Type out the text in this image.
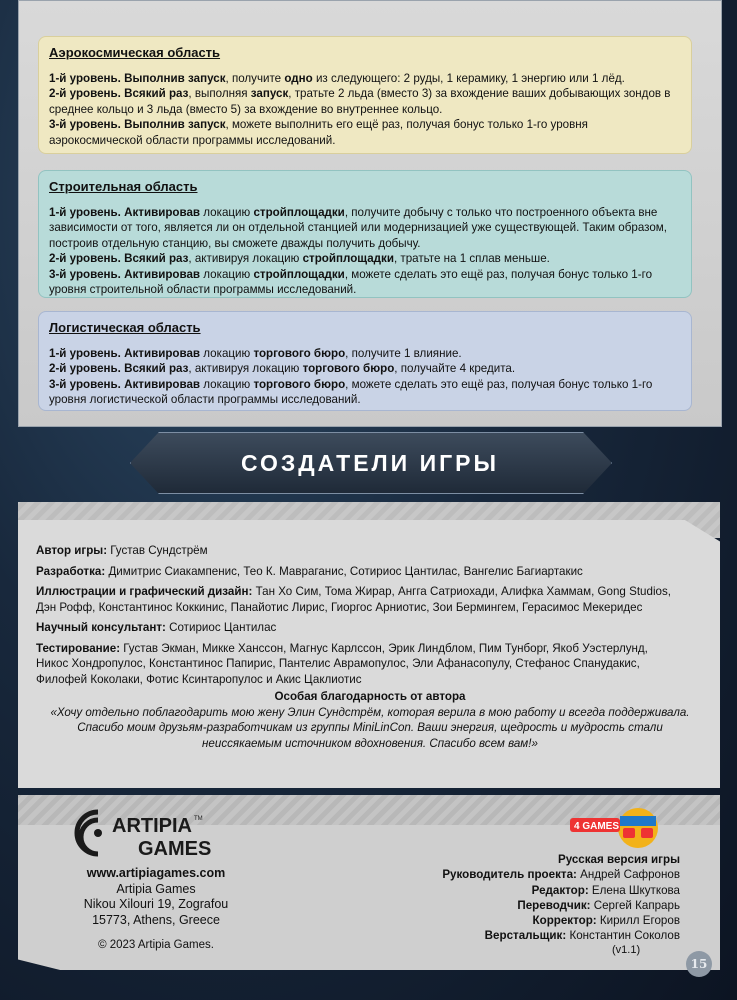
Аэрокосмическая область

1-й уровень. Выполнив запуск, получите одно из следующего: 2 руды, 1 керамику, 1 энергию или 1 лёд.

2-й уровень. Всякий раз, выполняя запуск, тратьте 2 льда (вместо 3) за вхождение ваших добывающих зондов в среднее кольцо и 3 льда (вместо 5) за вхождение во внутреннее кольцо.

3-й уровень. Выполнив запуск, можете выполнить его ещё раз, получая бонус только 1-го уровня аэрокосмической области программы исследований.

Строительная область

1-й уровень. Активировав локацию стройплощадки, получите добычу с только что построенного объекта вне зависимости от того, является ли он отдельной станцией или модернизацией уже существующей. Таким образом, построив отдельную станцию, вы сможете дважды получить добычу.

2-й уровень. Всякий раз, активируя локацию стройплощадки, тратьте на 1 сплав меньше.

3-й уровень. Активировав локацию стройплощадки, можете сделать это ещё раз, получая бонус только 1-го уровня строительной области программы исследований.

Логистическая область

1-й уровень. Активировав локацию торгового бюро, получите 1 влияние.

2-й уровень. Всякий раз, активируя локацию торгового бюро, получайте 4 кредита.

3-й уровень. Активировав локацию торгового бюро, можете сделать это ещё раз, получая бонус только 1-го уровня логистической области программы исследований.

СОЗДАТЕЛИ ИГРЫ

Автор игры: Густав Сундстрём

Разработка: Димитрис Сиакампенис, Тео К. Мавраганис, Сотириос Цантилас, Вангелис Багиартакис

Иллюстрации и графический дизайн: Тан Хо Сим, Тома Жирар, Ангга Сатриохади, Алифка Хаммам, Gong Studios, Дэн Рофф, Константинос Коккинис, Панайотис Лирис, Гиоргос Арниотис, Зои Бермингем, Герасимос Мекеридес

Научный консультант: Сотириос Цантилас

Тестирование: Густав Экман, Микке Ханссон, Магнус Карлссон, Эрик Линдблом, Пим Тунборг, Якоб Уэстерлунд, Никос Хондропулос, Константинос Папирис, Пантелис Аврамопулос, Эли Афанасопулу, Стефанос Спанудакис, Филофей Коколаки, Фотис Ксинтаропулос и Акис Цаклиотис

Особая благодарность от автора
«Хочу отдельно поблагодарить мою жену Элин Сундстрём, которая верила в мою работу и всегда поддерживала. Спасибо моим друзьям-разработчикам из группы MiniLinCon. Ваши энергия, щедрость и мудрость стали неиссякаемым источником вдохновения. Спасибо всем вам!»
ARTIPIA
GAMES
TM
www.artipiagames.com
Artipia Games
Nikou Xilouri 19, Zografou
15773, Athens, Greece
© 2023 Artipia Games.
4 GAMES
Русская версия игры
Руководитель проекта: Андрей Сафронов
Редактор: Елена Шкуткова
Переводчик: Сергей Капрарь
Корректор: Кирилл Егоров
Верстальщик: Константин Соколов
(v1.1)
15
